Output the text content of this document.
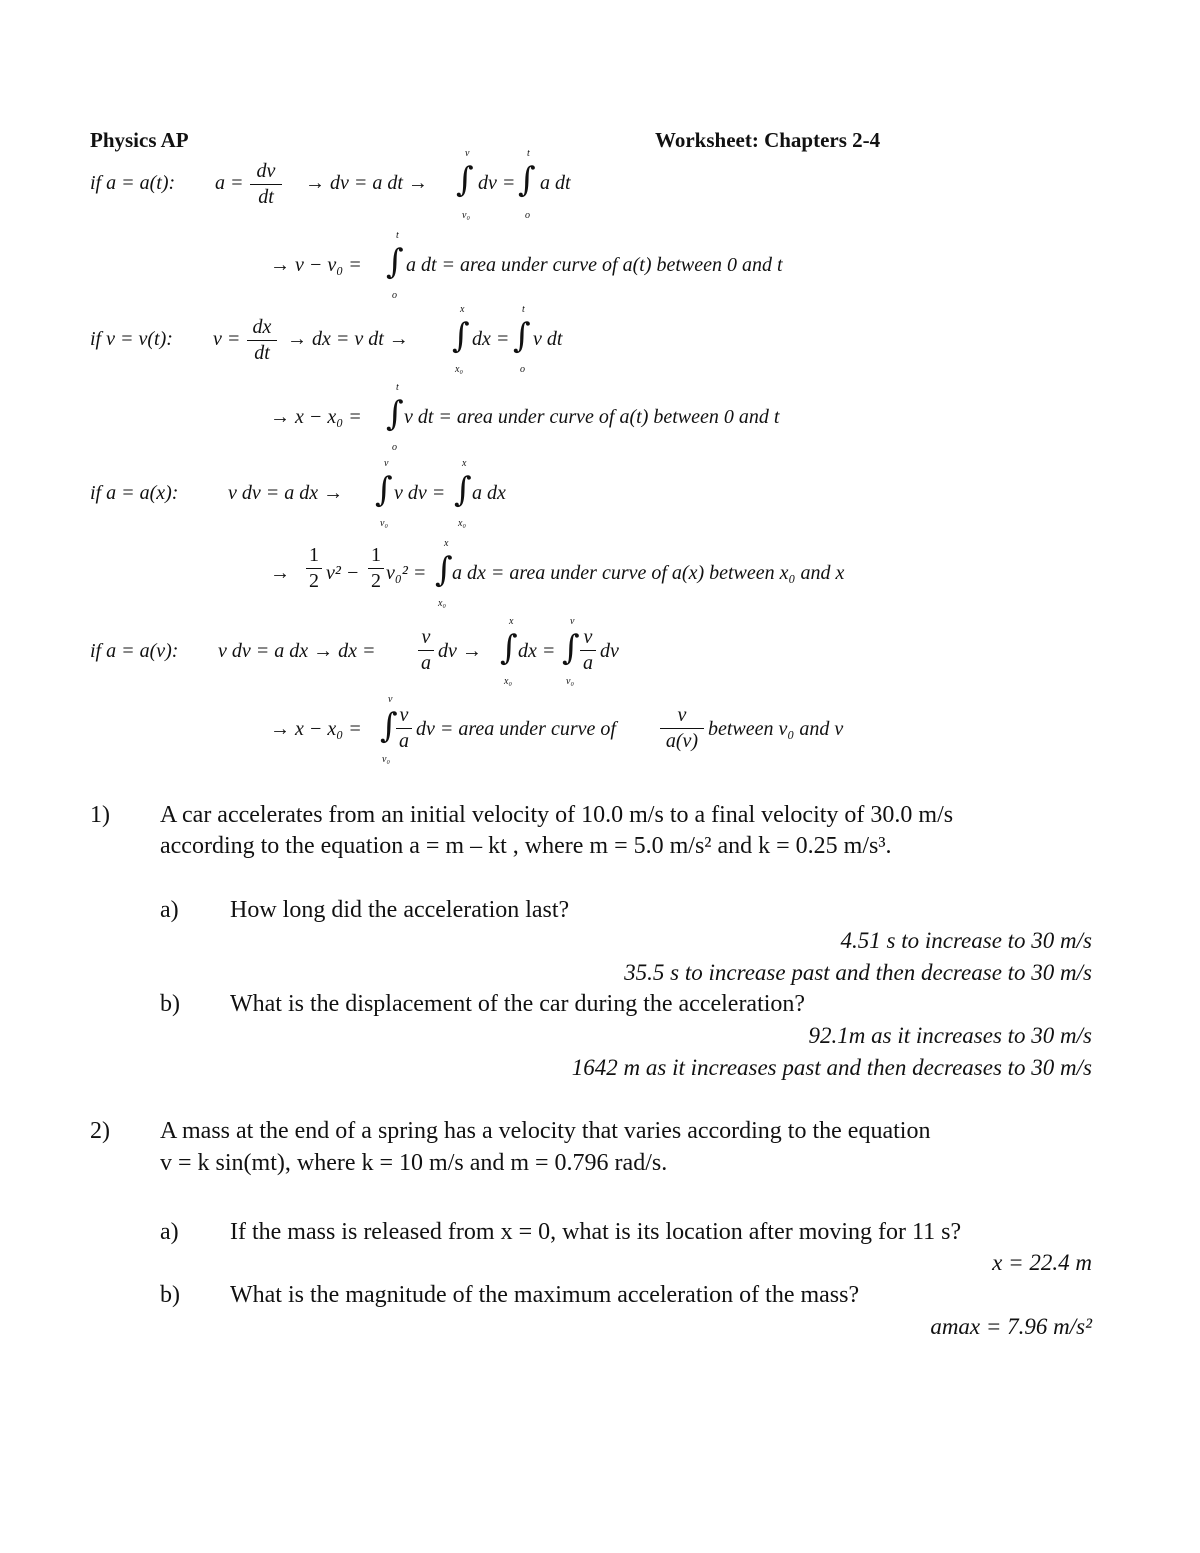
Physics AP	Worksheet: Chapters 2-4
if a = a(t): a =
dv
dt
→ dv = a dt →
v
∫
v₀
dv =
t
∫
o
a dt
→ v − v₀ =
t
∫
o
a dt = area under curve of a(t) between 0 and t
if v = v(t): v =
dx
dt
→ dx = v dt →
x
∫
x₀
dx =
t
∫
o
v dt
→ x − x₀ =
t
∫
o
v dt = area under curve of a(t) between 0 and t
if a = a(x): v dv = a dx →
v
∫
v₀
v dv =
x
∫
x₀
a dx
→
1
2 v² −
1
2 v₀² =
x
∫
x₀
a dx = area under curve of a(x) between x₀ and x
if a = a(v): v dv = a dx → dx =
v
a
dv →
x
∫
x₀
dx =
v
∫
v₀
v
a
dv
→ x − x₀ =
v
∫
v₀
v
a
dv = area under curve of
v
a(v)
between v₀ and v
1) A car accelerates from an initial velocity of 10.0 m/s to a final velocity of 30.0 m/s
according to the equation a = m – kt , where m = 5.0 m/s² and k = 0.25 m/s³.
a) How long did the acceleration last?
4.51 s to increase to 30 m/s
35.5 s to increase past and then decrease to 30 m/s
b) What is the displacement of the car during the acceleration?
92.1m as it increases to 30 m/s
1642 m as it increases past and then decreases to 30 m/s
2) A mass at the end of a spring has a velocity that varies according to the equation
v = k sin(mt), where k = 10 m/s and m = 0.796 rad/s.
a) If the mass is released from x = 0, what is its location after moving for 11 s?
x = 22.4 m
b) What is the magnitude of the maximum acceleration of the mass?
amax = 7.96 m/s²
